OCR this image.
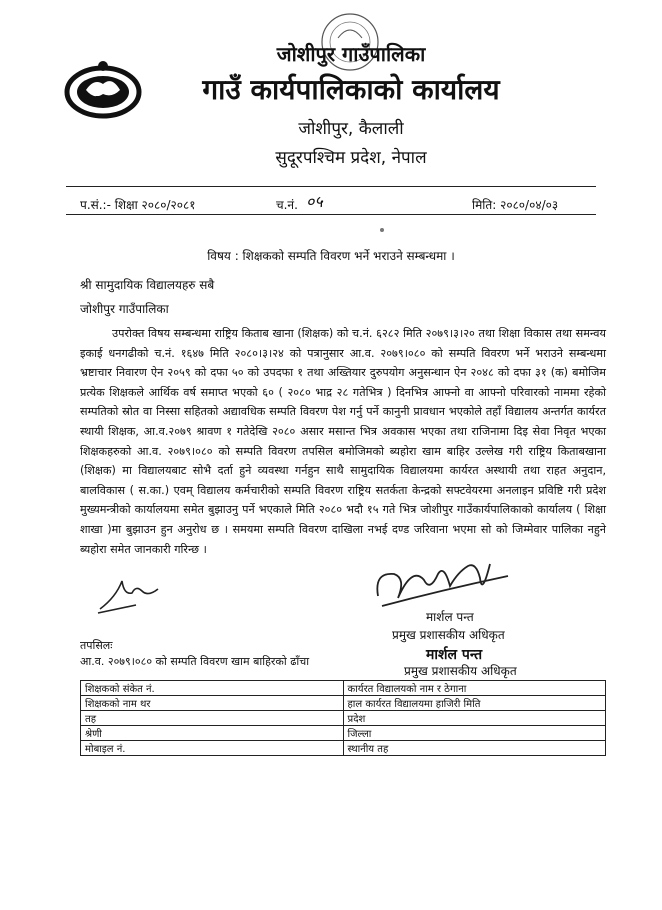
जोशीपुर गाउँपालिका
गाउँ कार्यपालिकाको कार्यालय
जोशीपुर, कैलाली
सुदूरपश्चिम प्रदेश, नेपाल
प.सं.:- शिक्षा २०८०/२०८१	च.नं. ०५	मिति: २०८०/०४/०३
विषय : शिक्षकको सम्पति विवरण भर्ने भराउने सम्बन्धमा ।
श्री सामुदायिक विद्यालयहरु सबै
जोशीपुर गाउँपालिका
उपरोक्त विषय सम्बन्धमा राष्ट्रिय किताब खाना (शिक्षक) को च.नं. ६२८२ मिति २०७९।३।२० तथा शिक्षा विकास तथा समन्वय इकाई धनगढीको च.नं. १६४७ मिति २०८०।३।२४ को पत्रानुसार आ.व. २०७९।०८० को सम्पति विवरण भर्ने भराउने सम्बन्धमा भ्रष्टाचार निवारण ऐन २०५९ को दफा ५० को उपदफा १ तथा अख्तियार दुरुपयोग अनुसन्धान ऐन २०४८ को दफा ३१ (क) बमोजिम प्रत्येक शिक्षकले आर्थिक वर्ष समाप्त भएको ६० ( २०८० भाद्र २८ गतेभित्र ) दिनभित्र आफ्नो वा आफ्नो परिवारको नाममा रहेको सम्पतिको स्रोत वा निस्सा सहितको अद्यावधिक सम्पति विवरण पेश गर्नु पर्ने कानुनी प्रावधान भएकोले तहाँ विद्यालय अन्तर्गत कार्यरत स्थायी शिक्षक, आ.व.२०७९ श्रावण १ गतेदेखि २०८० असार मसान्त भित्र अवकास भएका तथा राजिनामा दिइ सेवा निवृत भएका शिक्षकहरुको आ.व. २०७९।०८० को सम्पति विवरण तपसिल बमोजिमको ब्यहोरा खाम बाहिर उल्लेख गरी राष्ट्रिय किताबखाना (शिक्षक) मा विद्यालयबाट सोभै दर्ता हुने व्यवस्था गर्नहुन साथै सामुदायिक विद्यालयमा कार्यरत अस्थायी तथा राहत अनुदान, बालविकास ( स.का.) एवम् विद्यालय कर्मचारीको सम्पति विवरण राष्ट्रिय सतर्कता केन्द्रको सफ्टवेयरमा अनलाइन प्रविष्टि गरी प्रदेश मुख्यमन्त्रीको कार्यालयमा समेत बुझाउनु पर्ने भएकाले मिति २०८० भदौ १५ गते भित्र जोशीपुर गाउँकार्यपालिकाको कार्यालय ( शिक्षा शाखा )मा बुझाउन हुन अनुरोध छ । समयमा सम्पति विवरण दाखिला नभई दण्ड जरिवाना भएमा सो को जिम्मेवार पालिका नहुने ब्यहोरा समेत जानकारी गरिन्छ ।
मार्शल पन्त
प्रमुख प्रशासकीय अधिकृत
मार्शल पन्त
प्रमुख प्रशासकीय अधिकृत
तपसिलः
आ.व. २०७९।०८० को सम्पति विवरण खाम बाहिरको ढाँचा
शिक्षकको संकेत नं.	कार्यरत विद्यालयको नाम र ठेगाना
शिक्षकको नाम थर	हाल कार्यरत विद्यालयमा हाजिरी मिति
तह	प्रदेश
श्रेणी	जिल्ला
मोबाइल नं.	स्थानीय तह
